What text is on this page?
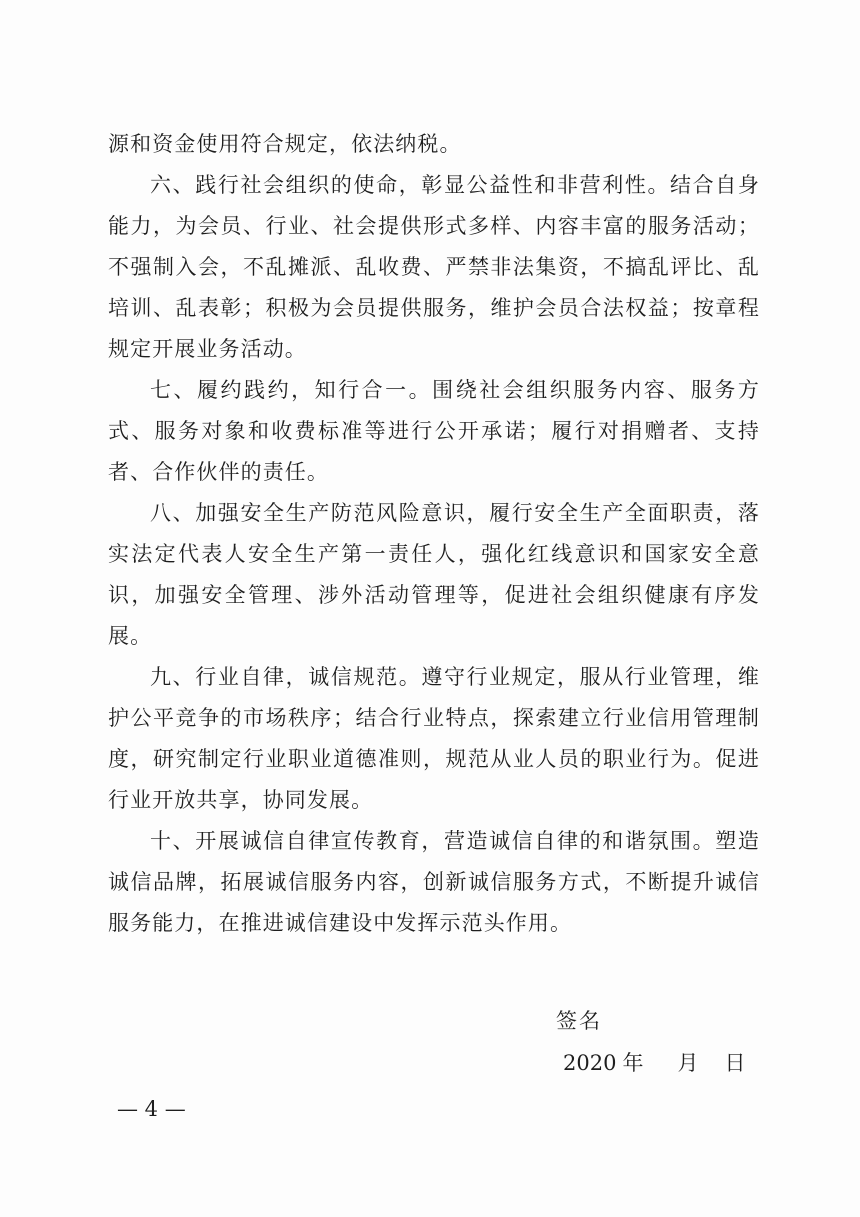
源和资金使用符合规定，依法纳税。

六、践行社会组织的使命，彰显公益性和非营利性。结合自身能力，为会员、行业、社会提供形式多样、内容丰富的服务活动；不强制入会，不乱摊派、乱收费、严禁非法集资，不搞乱评比、乱培训、乱表彰；积极为会员提供服务，维护会员合法权益；按章程规定开展业务活动。

七、履约践约，知行合一。围绕社会组织服务内容、服务方式、服务对象和收费标准等进行公开承诺；履行对捐赠者、支持者、合作伙伴的责任。

八、加强安全生产防范风险意识，履行安全生产全面职责，落实法定代表人安全生产第一责任人，强化红线意识和国家安全意识，加强安全管理、涉外活动管理等，促进社会组织健康有序发展。

九、行业自律，诚信规范。遵守行业规定，服从行业管理，维护公平竞争的市场秩序；结合行业特点，探索建立行业信用管理制度，研究制定行业职业道德准则，规范从业人员的职业行为。促进行业开放共享，协同发展。

十、开展诚信自律宣传教育，营造诚信自律的和谐氛围。塑造诚信品牌，拓展诚信服务内容，创新诚信服务方式，不断提升诚信服务能力，在推进诚信建设中发挥示范头作用。

签名
2020 年 月 日
— 4 —
